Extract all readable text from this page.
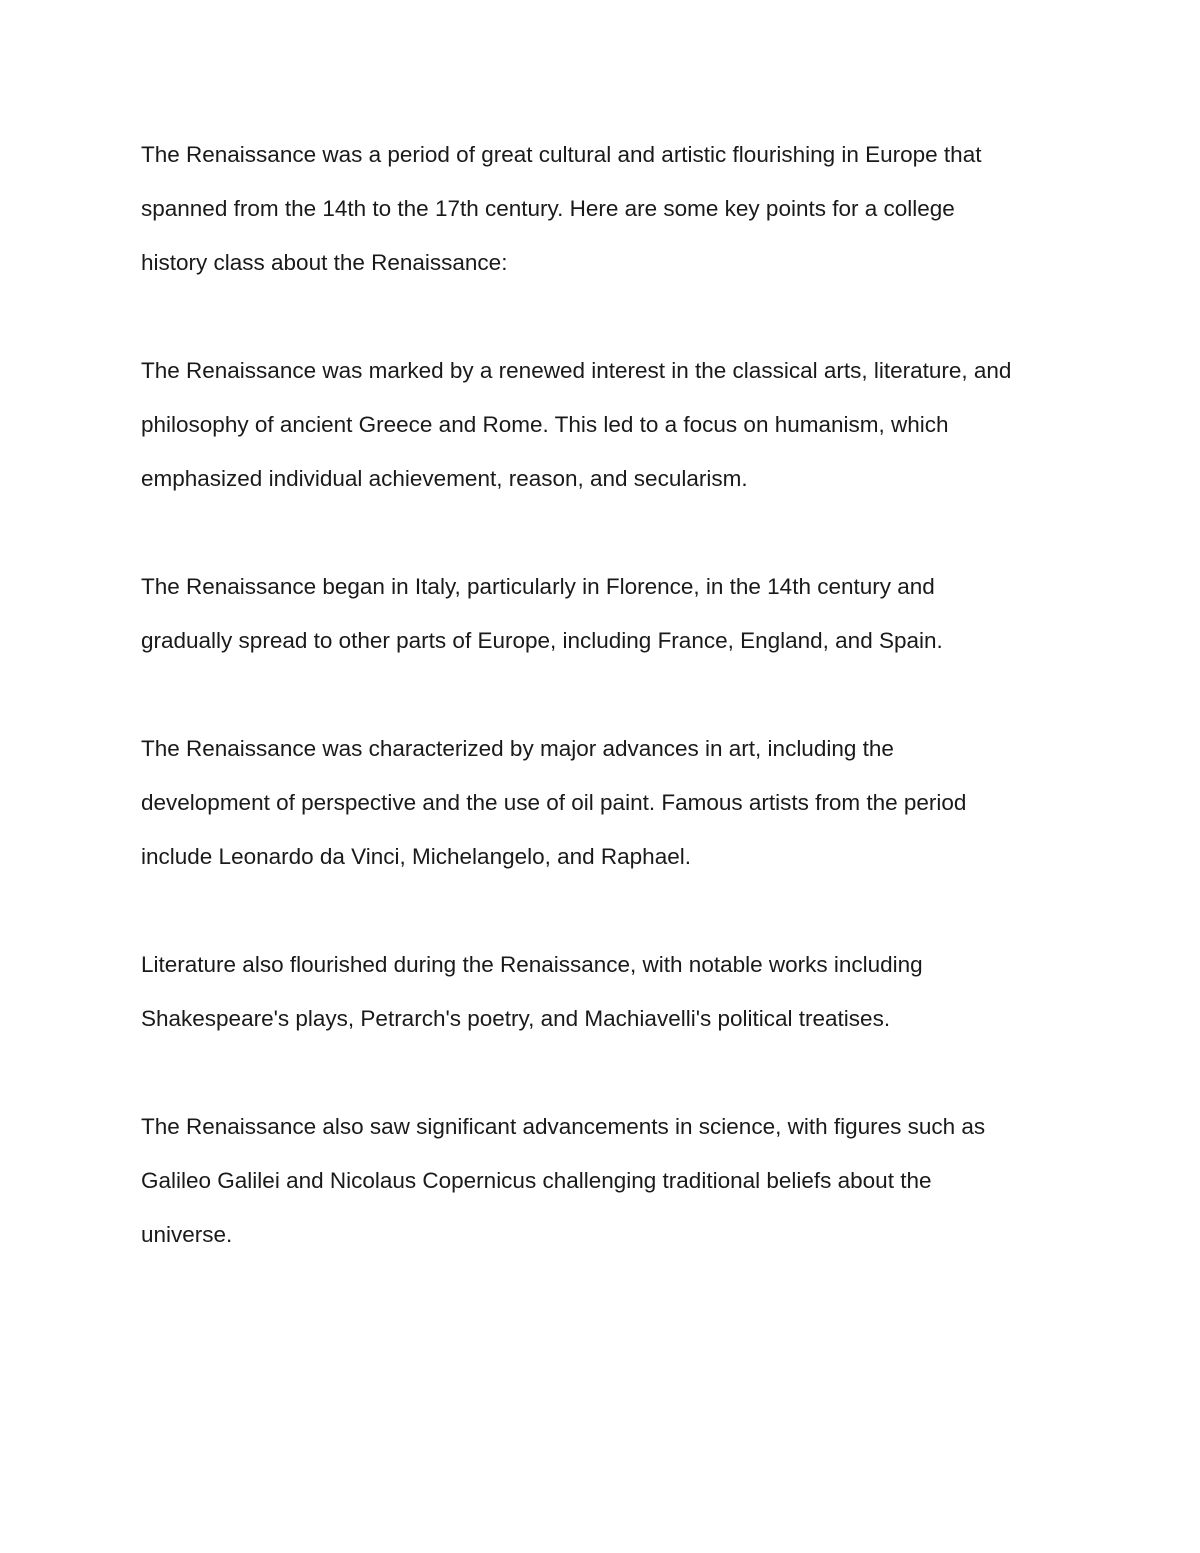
The Renaissance was a period of great cultural and artistic flourishing in Europe that
spanned from the 14th to the 17th century. Here are some key points for a college
history class about the Renaissance:

The Renaissance was marked by a renewed interest in the classical arts, literature, and
philosophy of ancient Greece and Rome. This led to a focus on humanism, which
emphasized individual achievement, reason, and secularism.

The Renaissance began in Italy, particularly in Florence, in the 14th century and
gradually spread to other parts of Europe, including France, England, and Spain.

The Renaissance was characterized by major advances in art, including the
development of perspective and the use of oil paint. Famous artists from the period
include Leonardo da Vinci, Michelangelo, and Raphael.

Literature also flourished during the Renaissance, with notable works including
Shakespeare's plays, Petrarch's poetry, and Machiavelli's political treatises.

The Renaissance also saw significant advancements in science, with figures such as
Galileo Galilei and Nicolaus Copernicus challenging traditional beliefs about the
universe.
